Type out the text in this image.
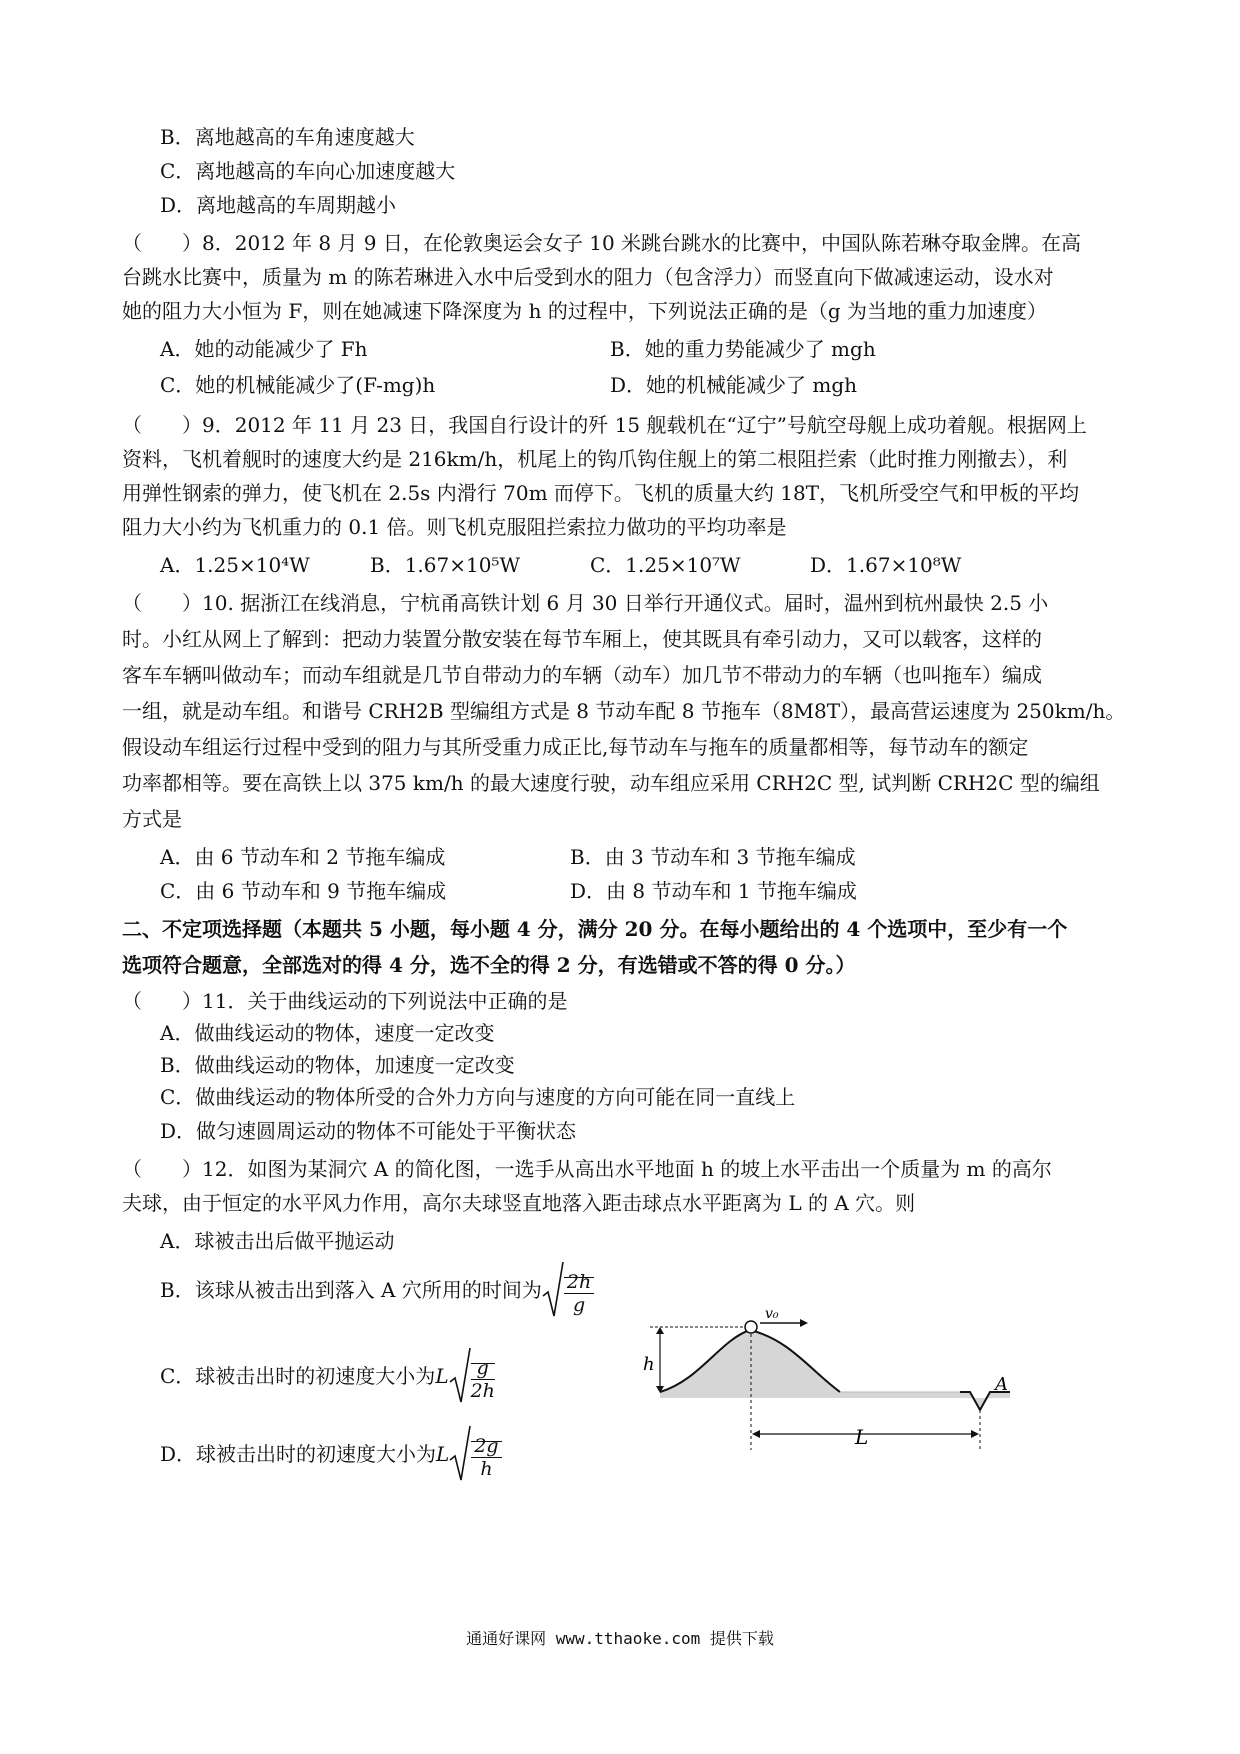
B．离地越高的车角速度越大
C．离地越高的车向心加速度越大
D．离地越高的车周期越小
（　　）8．2012 年 8 月 9 日，在伦敦奥运会女子 10 米跳台跳水的比赛中，中国队陈若琳夺取金牌。在高
台跳水比赛中，质量为 m 的陈若琳进入水中后受到水的阻力（包含浮力）而竖直向下做减速运动，设水对
她的阻力大小恒为 F，则在她减速下降深度为 h 的过程中，下列说法正确的是（g 为当地的重力加速度）
A．她的动能减少了 Fh	B．她的重力势能减少了 mgh
C．她的机械能减少了(F-mg)h	D．她的机械能减少了 mgh
（　　）9．2012 年 11 月 23 日，我国自行设计的歼 15 舰载机在“辽宁”号航空母舰上成功着舰。根据网上
资料，飞机着舰时的速度大约是 216km/h，机尾上的钩爪钩住舰上的第二根阻拦索（此时推力刚撤去），利
用弹性钢索的弹力，使飞机在 2.5s 内滑行 70m 而停下。飞机的质量大约 18T，飞机所受空气和甲板的平均
阻力大小约为飞机重力的 0.1 倍。则飞机克服阻拦索拉力做功的平均功率是
A．1.25×10⁴W	B．1.67×10⁵W	C．1.25×10⁷W	D．1.67×10⁸W
（　　）10. 据浙江在线消息，宁杭甬高铁计划 6 月 30 日举行开通仪式。届时，温州到杭州最快 2.5 小
时。小红从网上了解到：把动力装置分散安装在每节车厢上，使其既具有牵引动力，又可以载客，这样的
客车车辆叫做动车；而动车组就是几节自带动力的车辆（动车）加几节不带动力的车辆（也叫拖车）编成
一组，就是动车组。和谐号 CRH2B 型编组方式是 8 节动车配 8 节拖车（8M8T），最高营运速度为 250km/h。
假设动车组运行过程中受到的阻力与其所受重力成正比,每节动车与拖车的质量都相等，每节动车的额定
功率都相等。要在高铁上以 375 km/h 的最大速度行驶，动车组应采用 CRH2C 型, 试判断 CRH2C 型的编组
方式是
A．由 6 节动车和 2 节拖车编成	B．由 3 节动车和 3 节拖车编成
C．由 6 节动车和 9 节拖车编成	D．由 8 节动车和 1 节拖车编成
二、不定项选择题（本题共 5 小题，每小题 4 分，满分 20 分。在每小题给出的 4 个选项中，至少有一个
选项符合题意，全部选对的得 4 分，选不全的得 2 分，有选错或不答的得 0 分。）
（　　）11．关于曲线运动的下列说法中正确的是
A．做曲线运动的物体，速度一定改变
B．做曲线运动的物体，加速度一定改变
C．做曲线运动的物体所受的合外力方向与速度的方向可能在同一直线上
D．做匀速圆周运动的物体不可能处于平衡状态
（　　）12．如图为某洞穴 A 的简化图，一选手从高出水平地面 h 的坡上水平击出一个质量为 m 的高尔
夫球，由于恒定的水平风力作用，高尔夫球竖直地落入距击球点水平距离为 L 的 A 穴。则
A．球被击出后做平抛运动
B．该球从被击出到落入 A 穴所用的时间为 $\frac{2h}{g}$
C．球被击出时的初速度大小为L $\frac{g}{2h}$
D．球被击出时的初速度大小为L $\frac{2g}{h}$
h
v₀
L
A
通通好课网 www.tthaoke.com 提供下载
